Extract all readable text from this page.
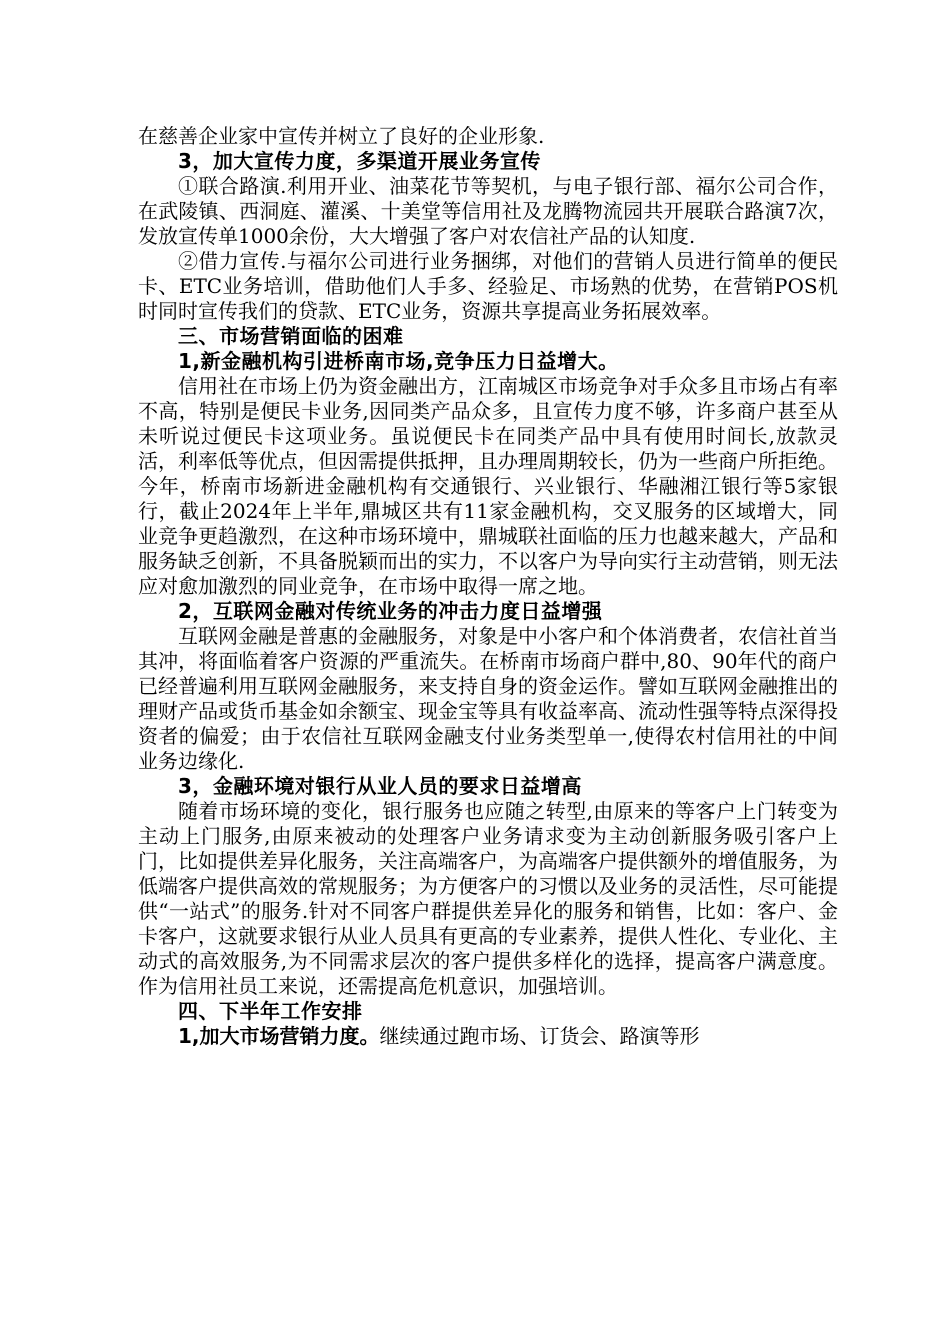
在慈善企业家中宣传并树立了良好的企业形象.

3，加大宣传力度，多渠道开展业务宣传

①联合路演.利用开业、油菜花节等契机，与电子银行部、福尔公司合作，在武陵镇、西洞庭、灌溪、十美堂等信用社及龙腾物流园共开展联合路演7次，发放宣传单1000余份，大大增强了客户对农信社产品的认知度.

②借力宣传.与福尔公司进行业务捆绑，对他们的营销人员进行简单的便民卡、ETC业务培训，借助他们人手多、经验足、市场熟的优势，在营销POS机时同时宣传我们的贷款、ETC业务，资源共享提高业务拓展效率。

三、市场营销面临的困难

1,新金融机构引进桥南市场,竞争压力日益增大。

信用社在市场上仍为资金融出方，江南城区市场竞争对手众多且市场占有率不高，特别是便民卡业务,因同类产品众多，且宣传力度不够，许多商户甚至从未听说过便民卡这项业务。虽说便民卡在同类产品中具有使用时间长,放款灵活，利率低等优点，但因需提供抵押，且办理周期较长，仍为一些商户所拒绝。今年，桥南市场新进金融机构有交通银行、兴业银行、华融湘江银行等5家银行，截止2024年上半年,鼎城区共有11家金融机构，交叉服务的区域增大，同业竞争更趋激烈，在这种市场环境中，鼎城联社面临的压力也越来越大，产品和服务缺乏创新，不具备脱颖而出的实力，不以客户为导向实行主动营销，则无法应对愈加激烈的同业竞争，在市场中取得一席之地。

2，互联网金融对传统业务的冲击力度日益增强

互联网金融是普惠的金融服务，对象是中小客户和个体消费者，农信社首当其冲，将面临着客户资源的严重流失。在桥南市场商户群中,80、90年代的商户已经普遍利用互联网金融服务，来支持自身的资金运作。譬如互联网金融推出的理财产品或货币基金如余额宝、现金宝等具有收益率高、流动性强等特点深得投资者的偏爱；由于农信社互联网金融支付业务类型单一,使得农村信用社的中间业务边缘化.

3，金融环境对银行从业人员的要求日益增高

随着市场环境的变化，银行服务也应随之转型,由原来的等客户上门转变为主动上门服务,由原来被动的处理客户业务请求变为主动创新服务吸引客户上门，比如提供差异化服务，关注高端客户，为高端客户提供额外的增值服务，为低端客户提供高效的常规服务；为方便客户的习惯以及业务的灵活性，尽可能提供“一站式”的服务.针对不同客户群提供差异化的服务和销售，比如：客户、金卡客户，这就要求银行从业人员具有更高的专业素养，提供人性化、专业化、主动式的高效服务,为不同需求层次的客户提供多样化的选择，提高客户满意度。作为信用社员工来说，还需提高危机意识，加强培训。

四、下半年工作安排

1,加大市场营销力度。继续通过跑市场、订货会、路演等形
